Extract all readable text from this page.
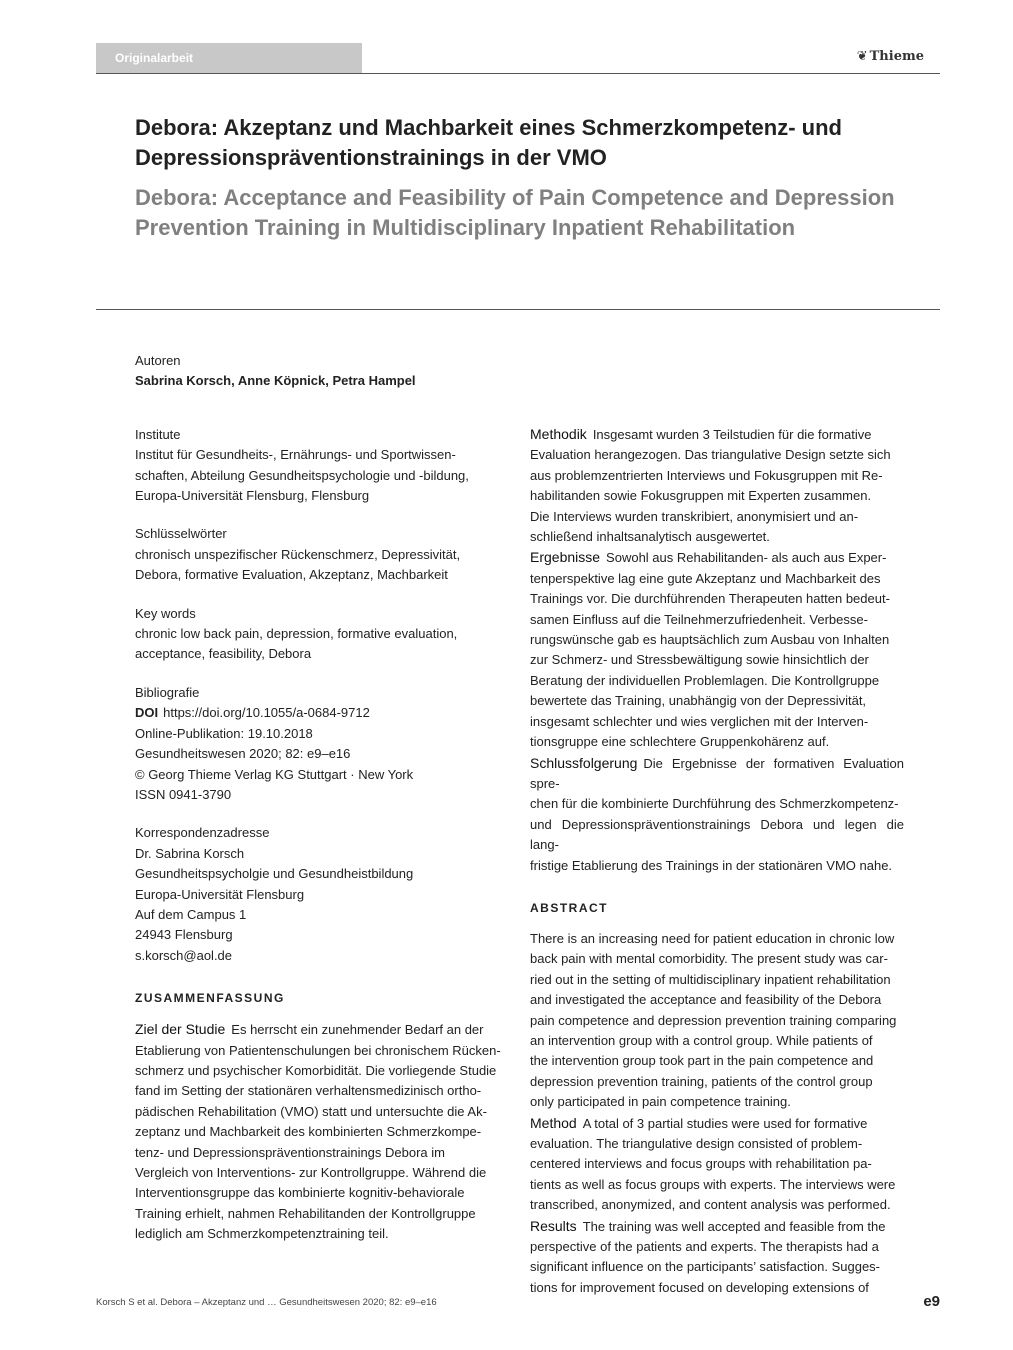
Originalarbeit	❦ Thieme
Debora: Akzeptanz und Machbarkeit eines Schmerzkompetenz- und Depressionspräventionstrainings in der VMO
Debora: Acceptance and Feasibility of Pain Competence and Depression Prevention Training in Multidisciplinary Inpatient Rehabilitation
Autoren
Sabrina Korsch, Anne Köpnick, Petra Hampel
Institute
Institut für Gesundheits-, Ernährungs- und Sportwissen-
schaften, Abteilung Gesundheitspsychologie und -bildung,
Europa-Universität Flensburg, Flensburg
Schlüsselwörter
chronisch unspezifischer Rückenschmerz, Depressivität,
Debora, formative Evaluation, Akzeptanz, Machbarkeit
Key words
chronic low back pain, depression, formative evaluation,
acceptance, feasibility, Debora
Bibliografie
DOI https://doi.org/10.1055/a-0684-9712
Online-Publikation: 19.10.2018
Gesundheitswesen 2020; 82: e9–e16
© Georg Thieme Verlag KG Stuttgart · New York
ISSN 0941-3790
Korrespondenzadresse
Dr. Sabrina Korsch
Gesundheitspsycholgie und Gesundheistbildung
Europa-Universität Flensburg
Auf dem Campus 1
24943 Flensburg
s.korsch@aol.de
ZUSAMMENFASSUNG
Ziel der Studie Es herrscht ein zunehmender Bedarf an der
Etablierung von Patientenschulungen bei chronischem Rücken-
schmerz und psychischer Komorbidität. Die vorliegende Studie
fand im Setting der stationären verhaltensmedizinisch ortho-
pädischen Rehabilitation (VMO) statt und untersuchte die Ak-
zeptanz und Machbarkeit des kombinierten Schmerzkompe-
tenz- und Depressionspräventionstrainings Debora im
Vergleich von Interventions- zur Kontrollgruppe. Während die
Interventionsgruppe das kombinierte kognitiv-behaviorale
Training erhielt, nahmen Rehabilitanden der Kontrollgruppe
lediglich am Schmerzkompetenztraining teil.
Methodik Insgesamt wurden 3 Teilstudien für die formative
Evaluation herangezogen. Das triangulative Design setzte sich
aus problemzentrierten Interviews und Fokusgruppen mit Re-
habilitanden sowie Fokusgruppen mit Experten zusammen.
Die Interviews wurden transkribiert, anonymisiert und an-
schließend inhaltsanalytisch ausgewertet.
Ergebnisse Sowohl aus Rehabilitanden- als auch aus Exper-
tenperspektive lag eine gute Akzeptanz und Machbarkeit des
Trainings vor. Die durchführenden Therapeuten hatten bedeut-
samen Einfluss auf die Teilnehmerzufriedenheit. Verbesse-
rungswünsche gab es hauptsächlich zum Ausbau von Inhalten
zur Schmerz- und Stressbewältigung sowie hinsichtlich der
Beratung der individuellen Problemlagen. Die Kontrollgruppe
bewertete das Training, unabhängig von der Depressivität,
insgesamt schlechter und wies verglichen mit der Interven-
tionsgruppe eine schlechtere Gruppenkohärenz auf.
Schlussfolgerung Die Ergebnisse der formativen Evaluation spre-
chen für die kombinierte Durchführung des Schmerzkompetenz-
und Depressionspräventionstrainings Debora und legen die lang-
fristige Etablierung des Trainings in der stationären VMO nahe.
ABSTRACT
There is an increasing need for patient education in chronic low
back pain with mental comorbidity. The present study was car-
ried out in the setting of multidisciplinary inpatient rehabilitation
and investigated the acceptance and feasibility of the Debora
pain competence and depression prevention training comparing
an intervention group with a control group. While patients of
the intervention group took part in the pain competence and
depression prevention training, patients of the control group
only participated in pain competence training.
Method A total of 3 partial studies were used for formative
evaluation. The triangulative design consisted of problem-
centered interviews and focus groups with rehabilitation pa-
tients as well as focus groups with experts. The interviews were
transcribed, anonymized, and content analysis was performed.
Results The training was well accepted and feasible from the
perspective of the patients and experts. The therapists had a
significant influence on the participants’ satisfaction. Sugges-
tions for improvement focused on developing extensions of
Korsch S et al. Debora – Akzeptanz und … Gesundheitswesen 2020; 82: e9–e16	e9
